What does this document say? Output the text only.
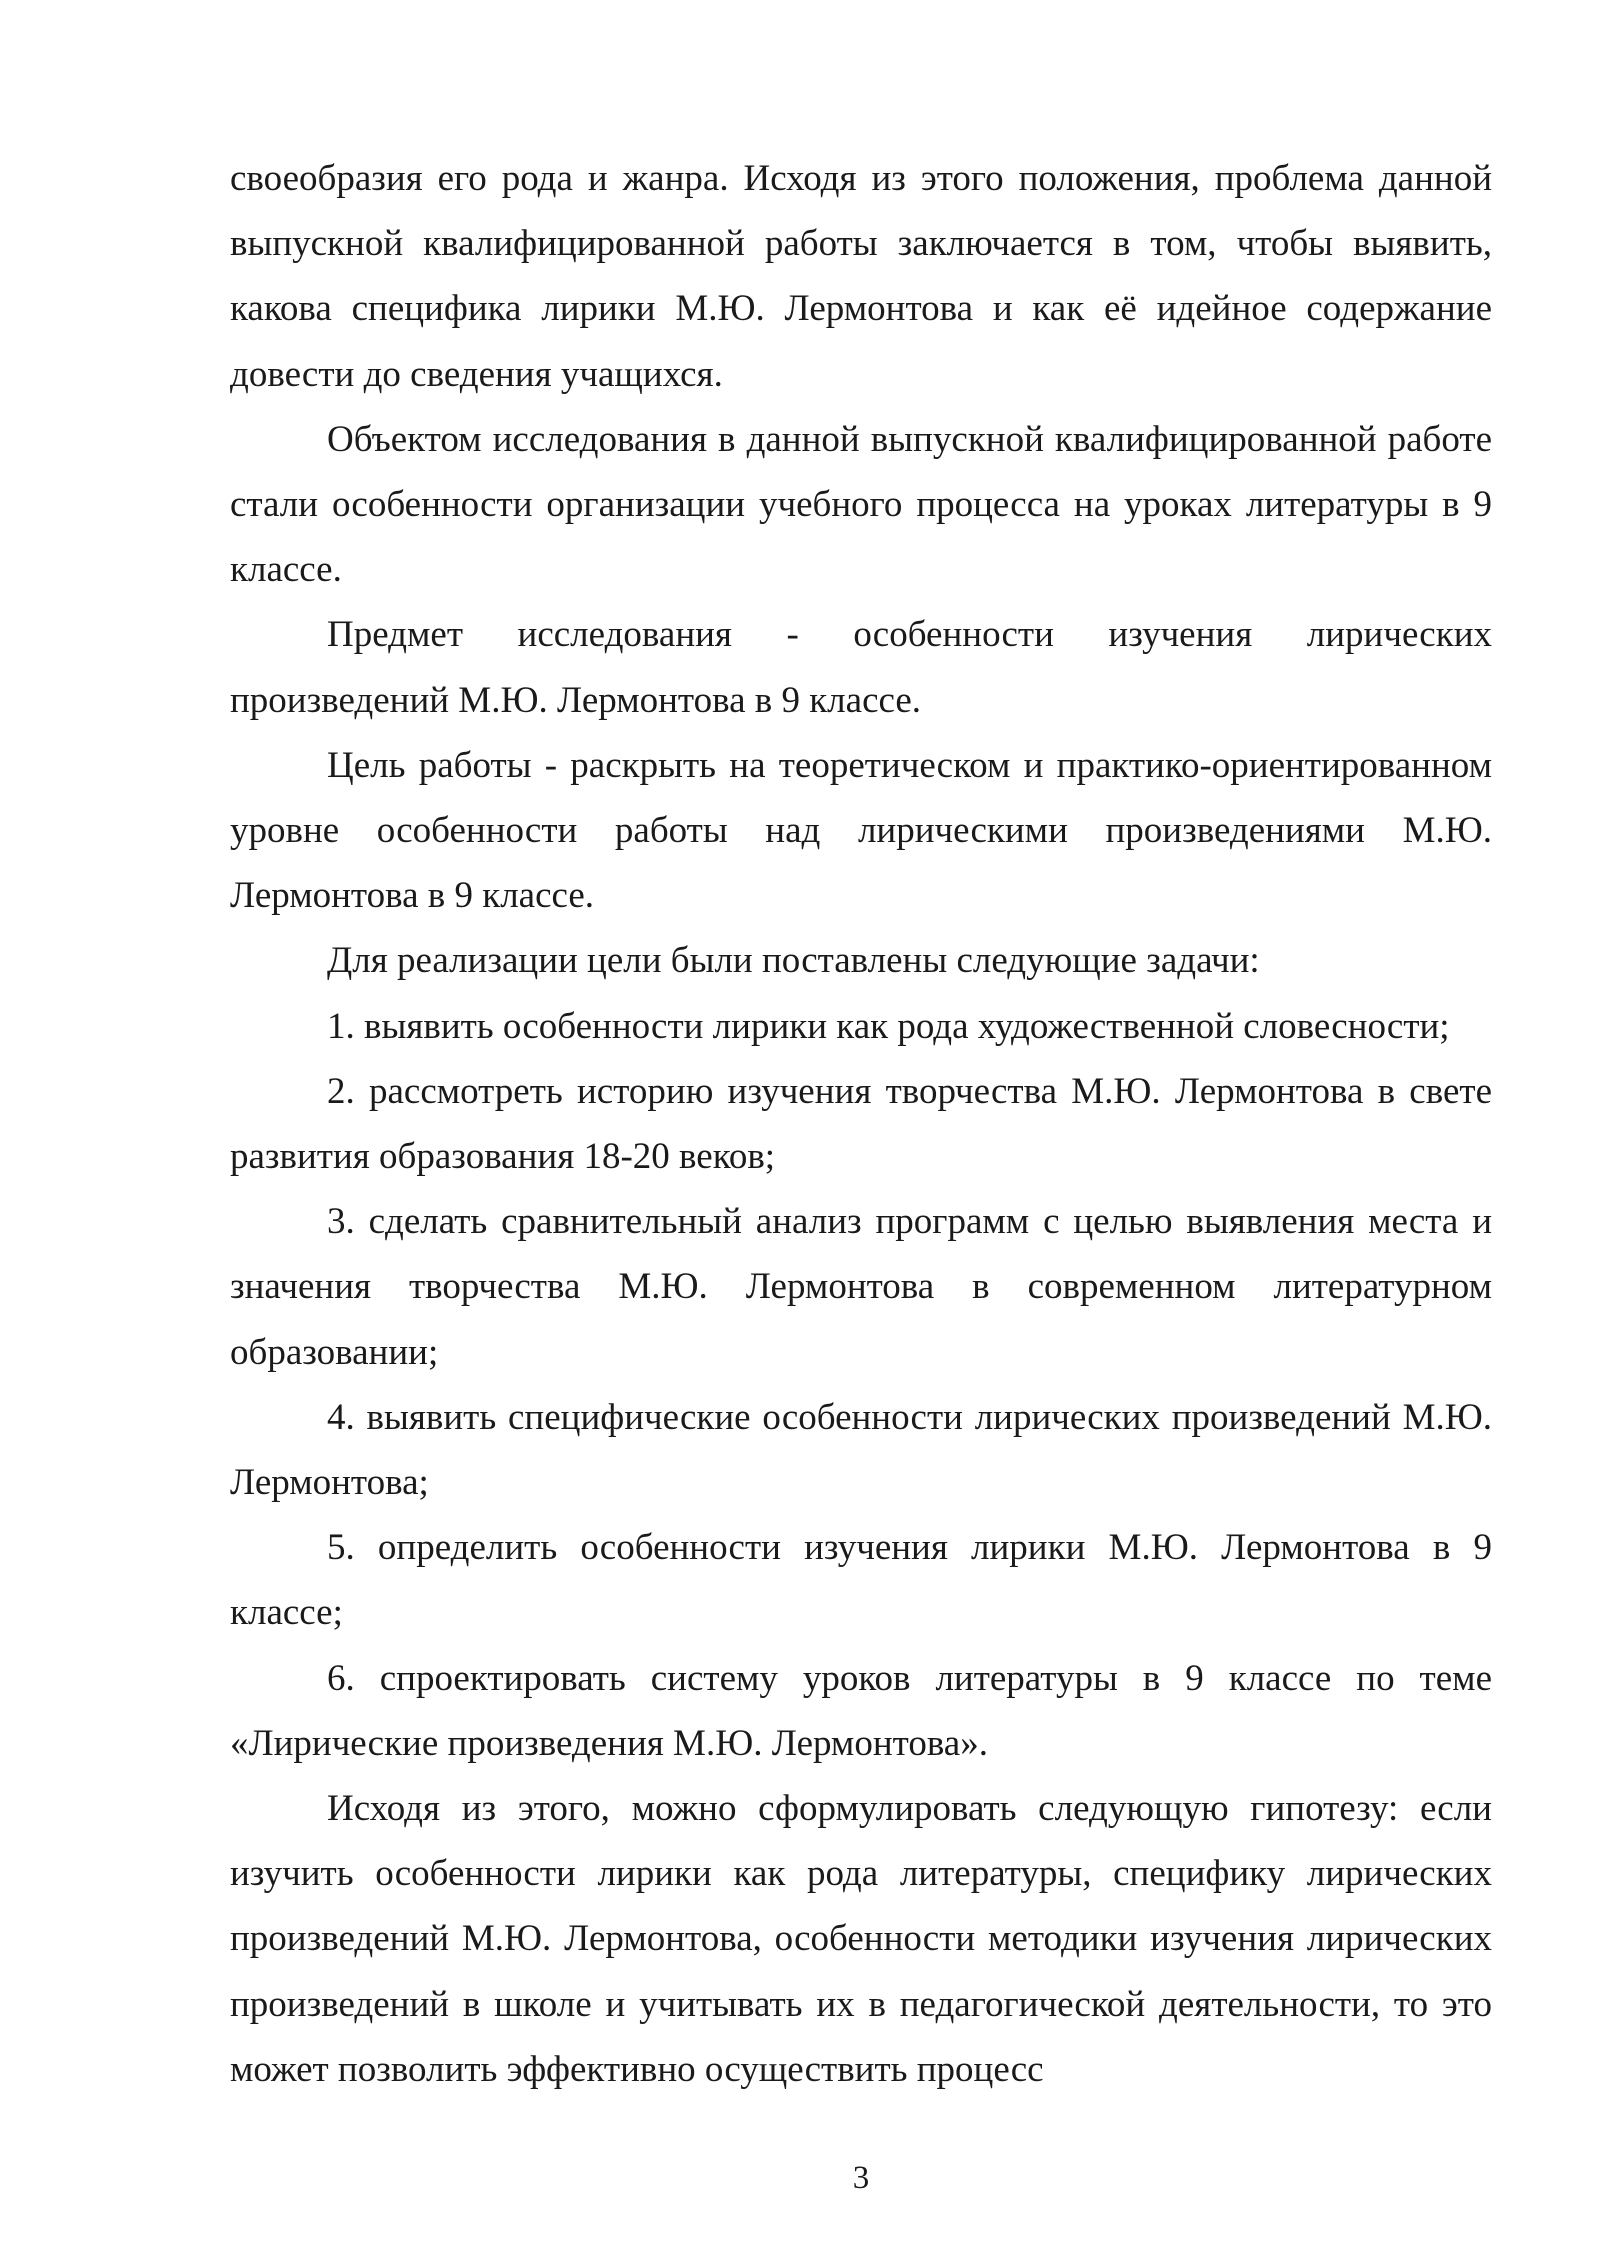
своеобразия его рода и жанра. Исходя из этого положения, проблема данной выпускной квалифицированной работы заключается в том, чтобы выявить, какова специфика лирики М.Ю. Лермонтова и как её идейное содержание довести до сведения учащихся.

Объектом исследования в данной выпускной квалифицированной работе стали особенности организации учебного процесса на уроках литературы в 9 классе.

Предмет исследования - особенности изучения лирических произведений М.Ю. Лермонтова в 9 классе.

Цель работы - раскрыть на теоретическом и практико-ориентированном уровне особенности работы над лирическими произведениями М.Ю. Лермонтова в 9 классе.

Для реализации цели были поставлены следующие задачи:

1. выявить особенности лирики как рода художественной словесности;

2. рассмотреть историю изучения творчества М.Ю. Лермонтова в свете развития образования 18-20 веков;

3. сделать сравнительный анализ программ с целью выявления места и значения творчества М.Ю. Лермонтова в современном литературном образовании;

4. выявить специфические особенности лирических произведений М.Ю. Лермонтова;

5. определить особенности изучения лирики М.Ю. Лермонтова в 9 классе;

6. спроектировать систему уроков литературы в 9 классе по теме «Лирические произведения М.Ю. Лермонтова».

Исходя из этого, можно сформулировать следующую гипотезу: если изучить особенности лирики как рода литературы, специфику лирических произведений М.Ю. Лермонтова, особенности методики изучения лирических произведений в школе и учитывать их в педагогической деятельности, то это может позволить эффективно осуществить процесс

3
